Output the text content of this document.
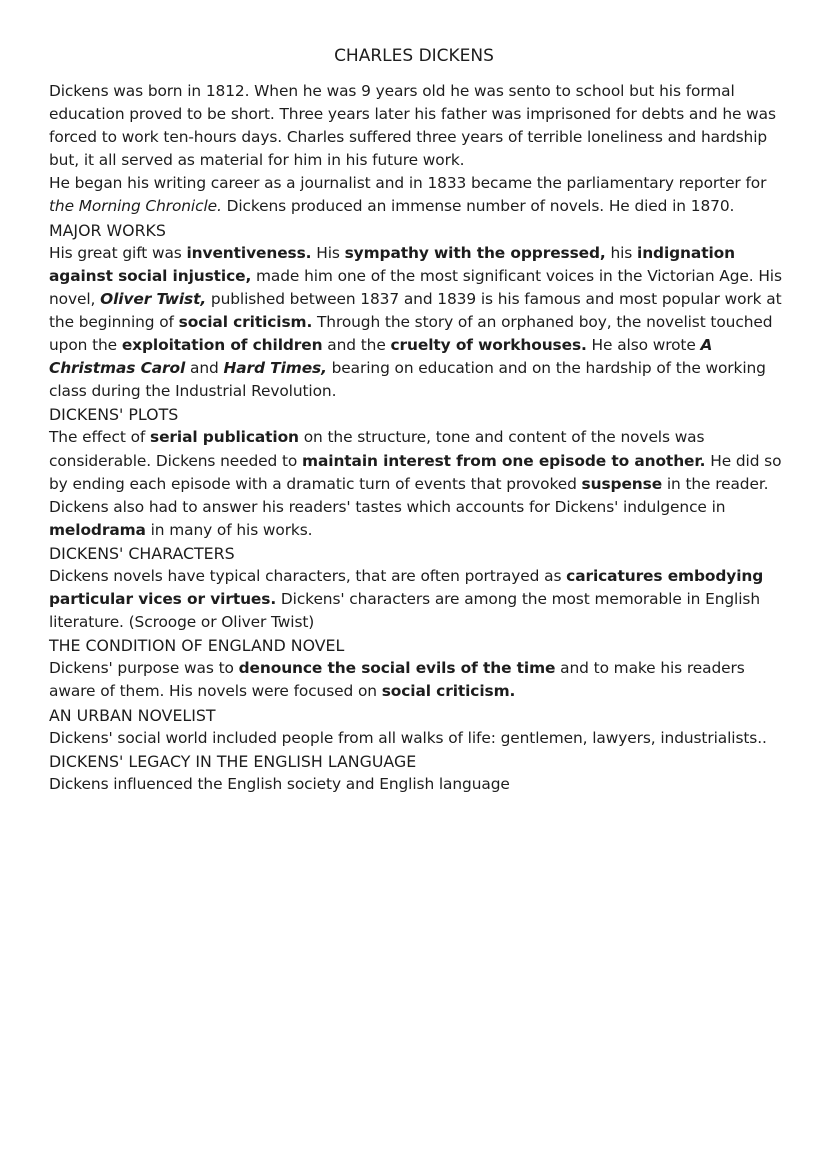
CHARLES DICKENS

Dickens was born in 1812. When he was 9 years old he was sento to school but his formal education proved to be short. Three years later his father was imprisoned for debts and he was forced to work ten-hours days. Charles suffered three years of terrible loneliness and hardship but, it all served as material for him in his future work.

He began his writing career as a journalist and in 1833 became the parliamentary reporter for the Morning Chronicle. Dickens produced an immense number of novels. He died in 1870.

MAJOR WORKS

His great gift was inventiveness. His sympathy with the oppressed, his indignation against social injustice, made him one of the most significant voices in the Victorian Age. His novel, Oliver Twist, published between 1837 and 1839 is his famous and most popular work at the beginning of social criticism. Through the story of an orphaned boy, the novelist touched upon the exploitation of children and the cruelty of workhouses. He also wrote A Christmas Carol and Hard Times, bearing on education and on the hardship of the working class during the Industrial Revolution.

DICKENS' PLOTS

The effect of serial publication on the structure, tone and content of the novels was considerable. Dickens needed to maintain interest from one episode to another. He did so by ending each episode with a dramatic turn of events that provoked suspense in the reader. Dickens also had to answer his readers' tastes which accounts for Dickens' indulgence in melodrama in many of his works.

DICKENS' CHARACTERS

Dickens novels have typical characters, that are often portrayed as caricatures embodying particular vices or virtues. Dickens' characters are among the most memorable in English literature. (Scrooge or Oliver Twist)

THE CONDITION OF ENGLAND NOVEL

Dickens' purpose was to denounce the social evils of the time and to make his readers aware of them. His novels were focused on social criticism.

AN URBAN NOVELIST

Dickens' social world included people from all walks of life: gentlemen, lawyers, industrialists..

DICKENS' LEGACY IN THE ENGLISH LANGUAGE

Dickens influenced the English society and English language
